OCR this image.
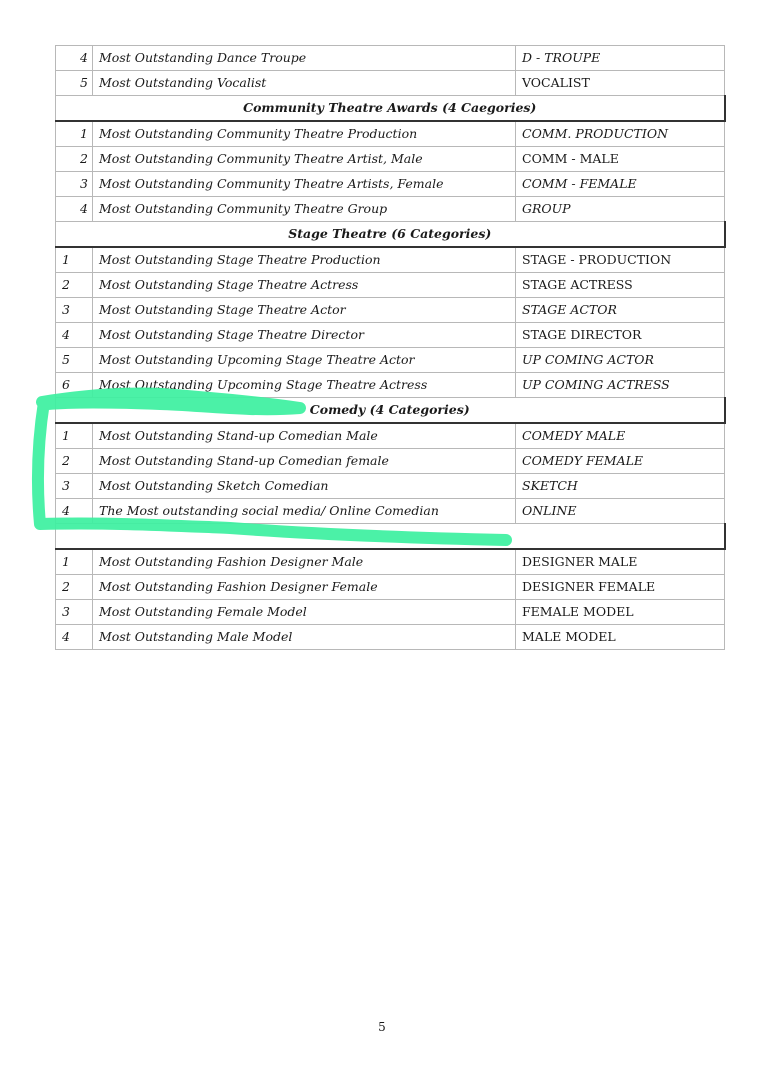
4	Most Outstanding Dance Troupe	D - TROUPE
5	Most Outstanding Vocalist	VOCALIST
Community Theatre Awards (4 Caegories)		
1	Most Outstanding Community Theatre Production	COMM. PRODUCTION
2	Most Outstanding Community Theatre Artist, Male	COMM - MALE
3	Most Outstanding Community Theatre Artists, Female	COMM - FEMALE
4	Most Outstanding Community Theatre Group	GROUP
Stage Theatre (6 Categories)		
1	Most Outstanding Stage Theatre Production	STAGE - PRODUCTION
2	Most Outstanding Stage Theatre Actress	STAGE ACTRESS
3	Most Outstanding Stage Theatre Actor	STAGE ACTOR
4	Most Outstanding Stage Theatre Director	STAGE DIRECTOR
5	Most Outstanding Upcoming Stage Theatre Actor	UP COMING ACTOR
6	Most Outstanding Upcoming Stage Theatre Actress	UP COMING ACTRESS
Comedy (4 Categories)		
1	Most Outstanding Stand-up Comedian Male	COMEDY MALE
2	Most Outstanding Stand-up Comedian female	COMEDY FEMALE
3	Most Outstanding Sketch Comedian	SKETCH
4	The Most outstanding social media/ Online Comedian	ONLINE

1	Most Outstanding Fashion Designer Male	DESIGNER MALE
2	Most Outstanding Fashion Designer Female	DESIGNER FEMALE
3	Most Outstanding Female Model	FEMALE MODEL
4	Most Outstanding Male Model	MALE MODEL
5
